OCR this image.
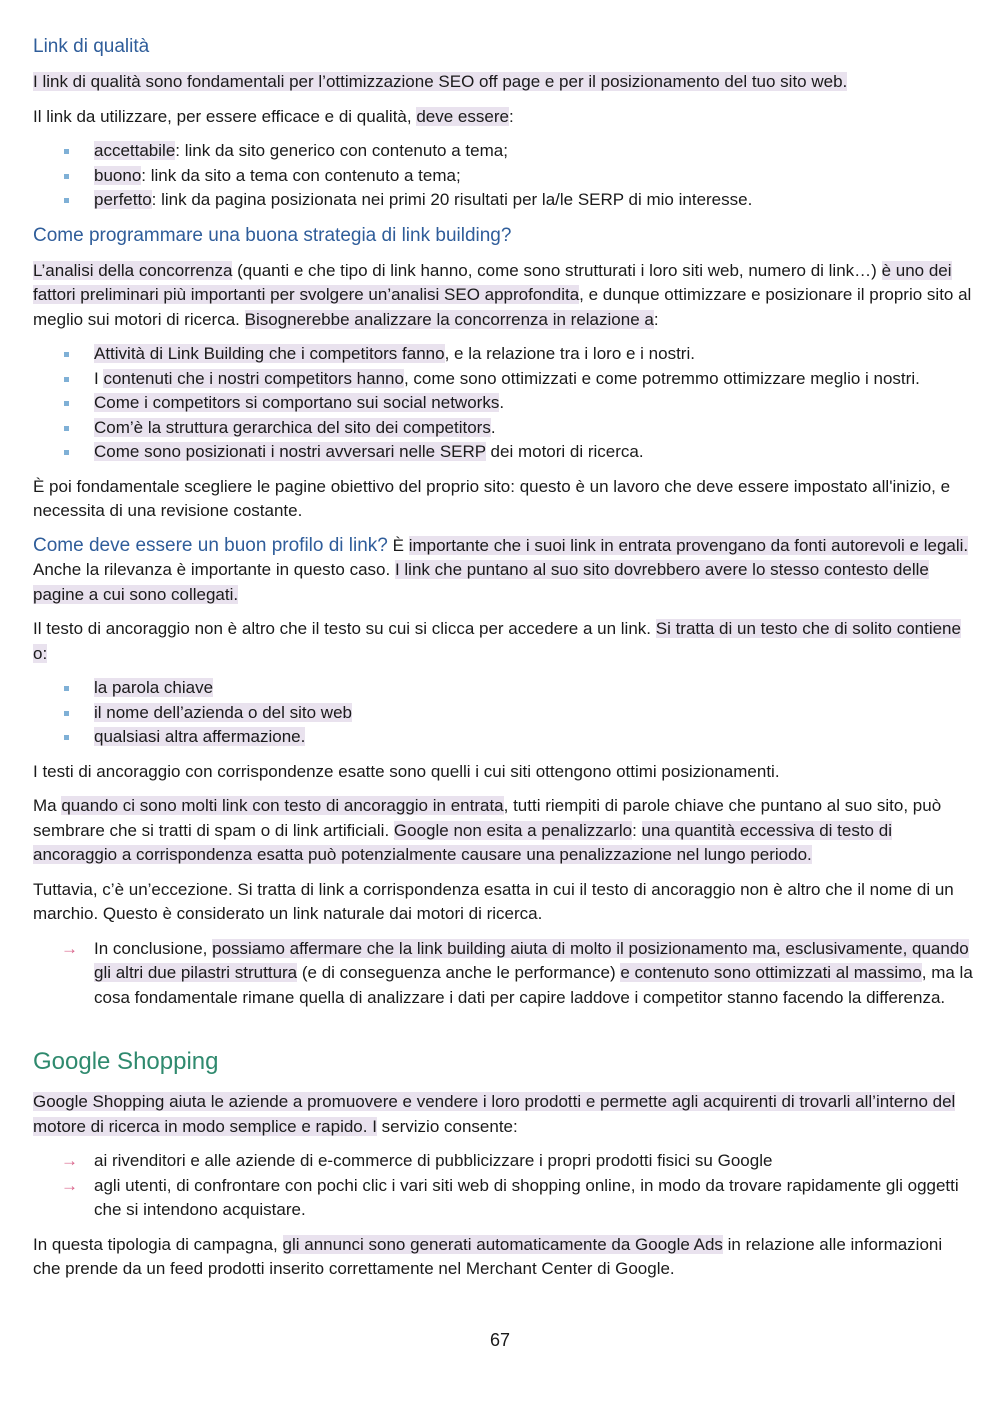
Link di qualità

I link di qualità sono fondamentali per l’ottimizzazione SEO off page e per il posizionamento del tuo sito web.

Il link da utilizzare, per essere efficace e di qualità, deve essere:

accettabile: link da sito generico con contenuto a tema;
buono: link da sito a tema con contenuto a tema;
perfetto: link da pagina posizionata nei primi 20 risultati per la/le SERP di mio interesse.
Come programmare una buona strategia di link building?

L’analisi della concorrenza (quanti e che tipo di link hanno, come sono strutturati i loro siti web, numero di link…) è uno dei fattori preliminari più importanti per svolgere un’analisi SEO approfondita, e dunque ottimizzare e posizionare il proprio sito al meglio sui motori di ricerca. Bisognerebbe analizzare la concorrenza in relazione a:

Attività di Link Building che i competitors fanno, e la relazione tra i loro e i nostri.
I contenuti che i nostri competitors hanno, come sono ottimizzati e come potremmo ottimizzare meglio i nostri.
Come i competitors si comportano sui social networks.
Com’è la struttura gerarchica del sito dei competitors.
Come sono posizionati i nostri avversari nelle SERP dei motori di ricerca.

È poi fondamentale scegliere le pagine obiettivo del proprio sito: questo è un lavoro che deve essere impostato all'inizio, e necessita di una revisione costante.

Come deve essere un buon profilo di link? È importante che i suoi link in entrata provengano da fonti autorevoli e legali. Anche la rilevanza è importante in questo caso. I link che puntano al suo sito dovrebbero avere lo stesso contesto delle pagine a cui sono collegati.

Il testo di ancoraggio non è altro che il testo su cui si clicca per accedere a un link. Si tratta di un testo che di solito contiene o:

la parola chiave
il nome dell’azienda o del sito web
qualsiasi altra affermazione.

I testi di ancoraggio con corrispondenze esatte sono quelli i cui siti ottengono ottimi posizionamenti.

Ma quando ci sono molti link con testo di ancoraggio in entrata, tutti riempiti di parole chiave che puntano al suo sito, può sembrare che si tratti di spam o di link artificiali. Google non esita a penalizzarlo: una quantità eccessiva di testo di ancoraggio a corrispondenza esatta può potenzialmente causare una penalizzazione nel lungo periodo.

Tuttavia, c’è un’eccezione. Si tratta di link a corrispondenza esatta in cui il testo di ancoraggio non è altro che il nome di un marchio. Questo è considerato un link naturale dai motori di ricerca.

→ In conclusione, possiamo affermare che la link building aiuta di molto il posizionamento ma, esclusivamente, quando gli altri due pilastri struttura (e di conseguenza anche le performance) e contenuto sono ottimizzati al massimo, ma la cosa fondamentale rimane quella di analizzare i dati per capire laddove i competitor stanno facendo la differenza.
Google Shopping

Google Shopping aiuta le aziende a promuovere e vendere i loro prodotti e permette agli acquirenti di trovarli all’interno del motore di ricerca in modo semplice e rapido. I servizio consente:

→ ai rivenditori e alle aziende di e-commerce di pubblicizzare i propri prodotti fisici su Google
→ agli utenti, di confrontare con pochi clic i vari siti web di shopping online, in modo da trovare rapidamente gli oggetti che si intendono acquistare.

In questa tipologia di campagna, gli annunci sono generati automaticamente da Google Ads in relazione alle informazioni che prende da un feed prodotti inserito correttamente nel Merchant Center di Google.

67
